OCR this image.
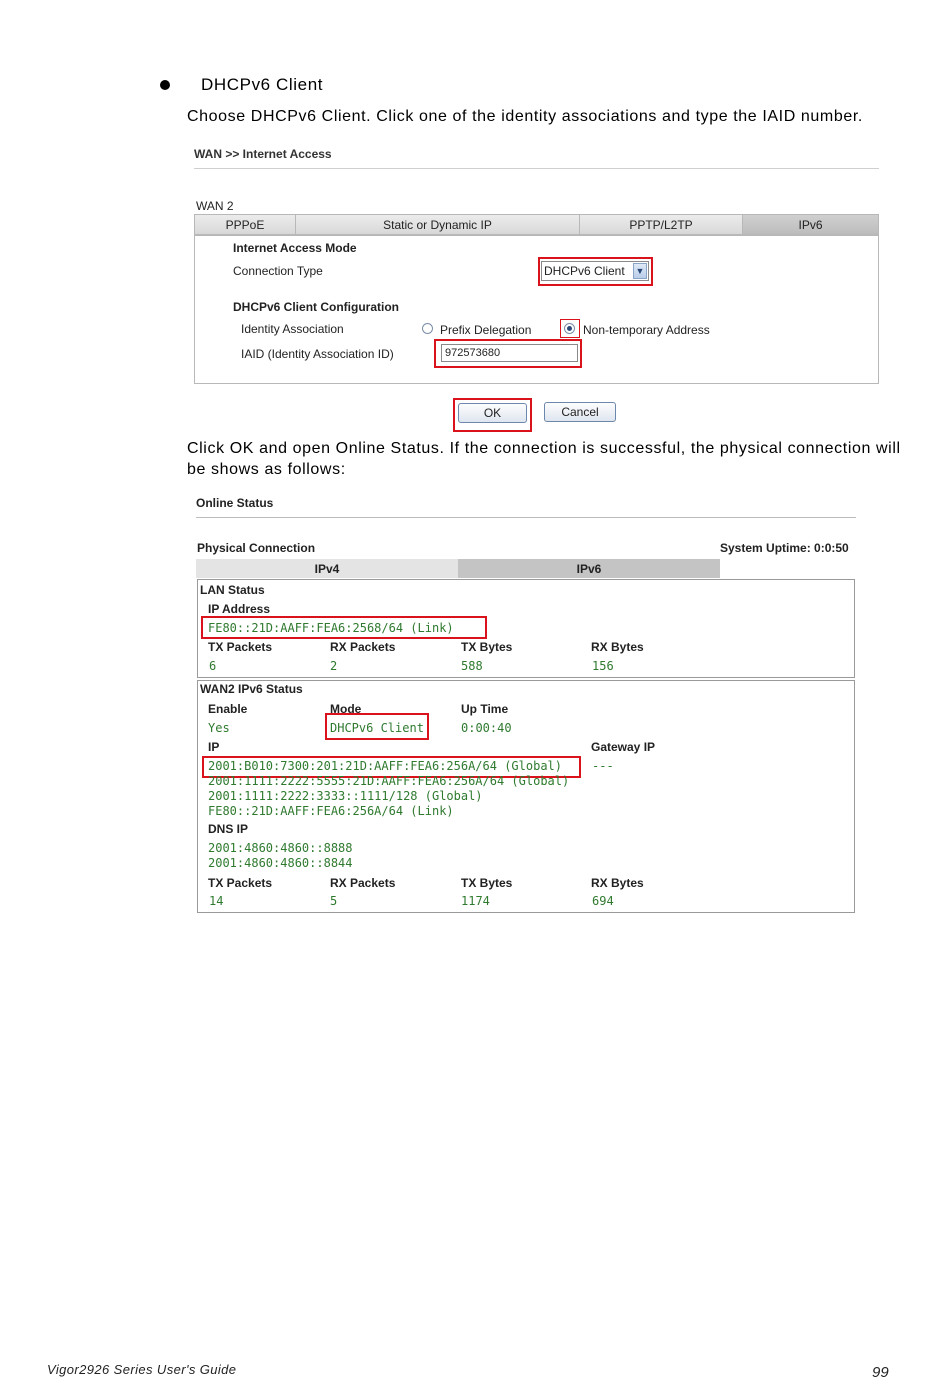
DHCPv6 Client
Choose DHCPv6 Client. Click one of the identity associations and type the IAID number.
WAN >> Internet Access
WAN 2
PPPoE	Static or Dynamic IP	PPTP/L2TP	IPv6
Internet Access Mode
Connection Type	DHCPv6 Client ▼
DHCPv6 Client Configuration
Identity Association	Prefix Delegation	Non-temporary Address
IAID (Identity Association ID)	972573680
OK	Cancel
Click OK and open Online Status. If the connection is successful, the physical connection will be shows as follows:
Online Status
Physical Connection	System Uptime: 0:0:50
IPv4	IPv6
LAN Status
IP Address
FE80::21D:AAFF:FEA6:2568/64 (Link)
TX Packets	RX Packets	TX Bytes	RX Bytes
6	2	588	156
WAN2 IPv6 Status
Enable	Mode	Up Time
Yes	DHCPv6 Client	0:00:40
IP	Gateway IP
2001:B010:7300:201:21D:AAFF:FEA6:256A/64 (Global) ---
2001:1111:2222:5555:21D:AAFF:FEA6:256A/64 (Global)
2001:1111:2222:3333::1111/128 (Global)
FE80::21D:AAFF:FEA6:256A/64 (Link)
DNS IP
2001:4860:4860::8888
2001:4860:4860::8844
TX Packets	RX Packets	TX Bytes	RX Bytes
14	5	1174	694
Vigor2926 Series User's Guide	99
